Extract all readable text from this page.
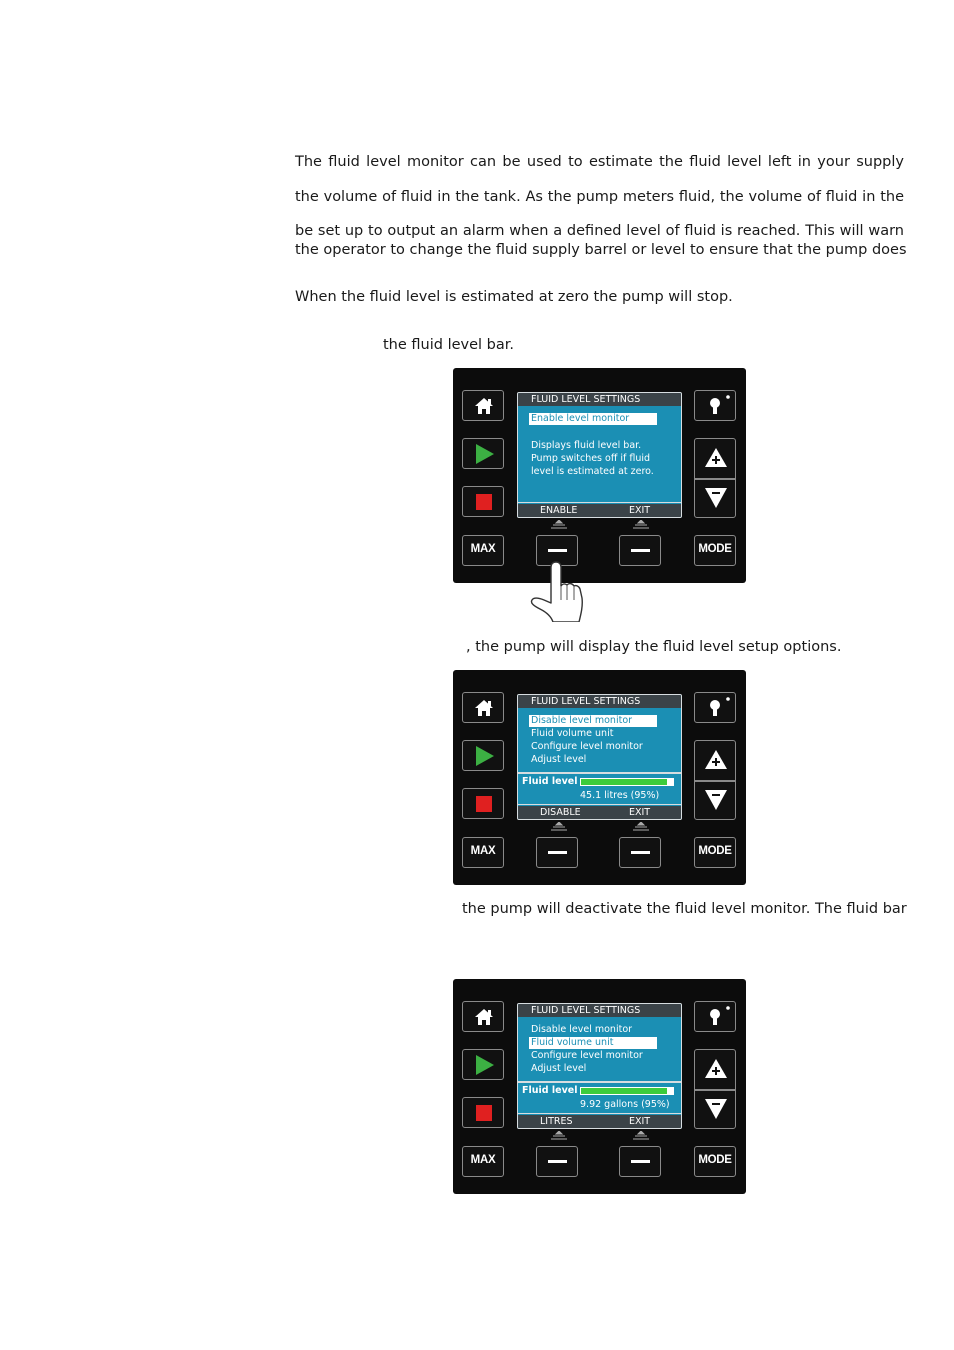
The fluid level monitor can be used to estimate the fluid level left in your supply
the volume of fluid in the tank. As the pump meters fluid, the volume of fluid in the
be set up to output an alarm when a defined level of fluid is reached. This will warn
the operator to change the fluid supply barrel or level to ensure that the pump does
When the fluid level is estimated at zero the pump will stop.
the fluid level bar.
, the pump will display the fluid level setup options.
the pump will deactivate the fluid level monitor. The fluid bar
MAX	MODE
FLUID LEVEL SETTINGS
Enable level monitor
Displays fluid level bar.
Pump switches off if fluid
level is estimated at zero.
ENABLE	EXIT
MAX	MODE
FLUID LEVEL SETTINGS
Disable level monitor
Fluid volume unit
Configure level monitor
Adjust level
Fluid level
45.1 litres (95%)
DISABLE	EXIT
MAX	MODE
FLUID LEVEL SETTINGS
Disable level monitor
Fluid volume unit
Configure level monitor
Adjust level
Fluid level
9.92 gallons (95%)
LITRES	EXIT
